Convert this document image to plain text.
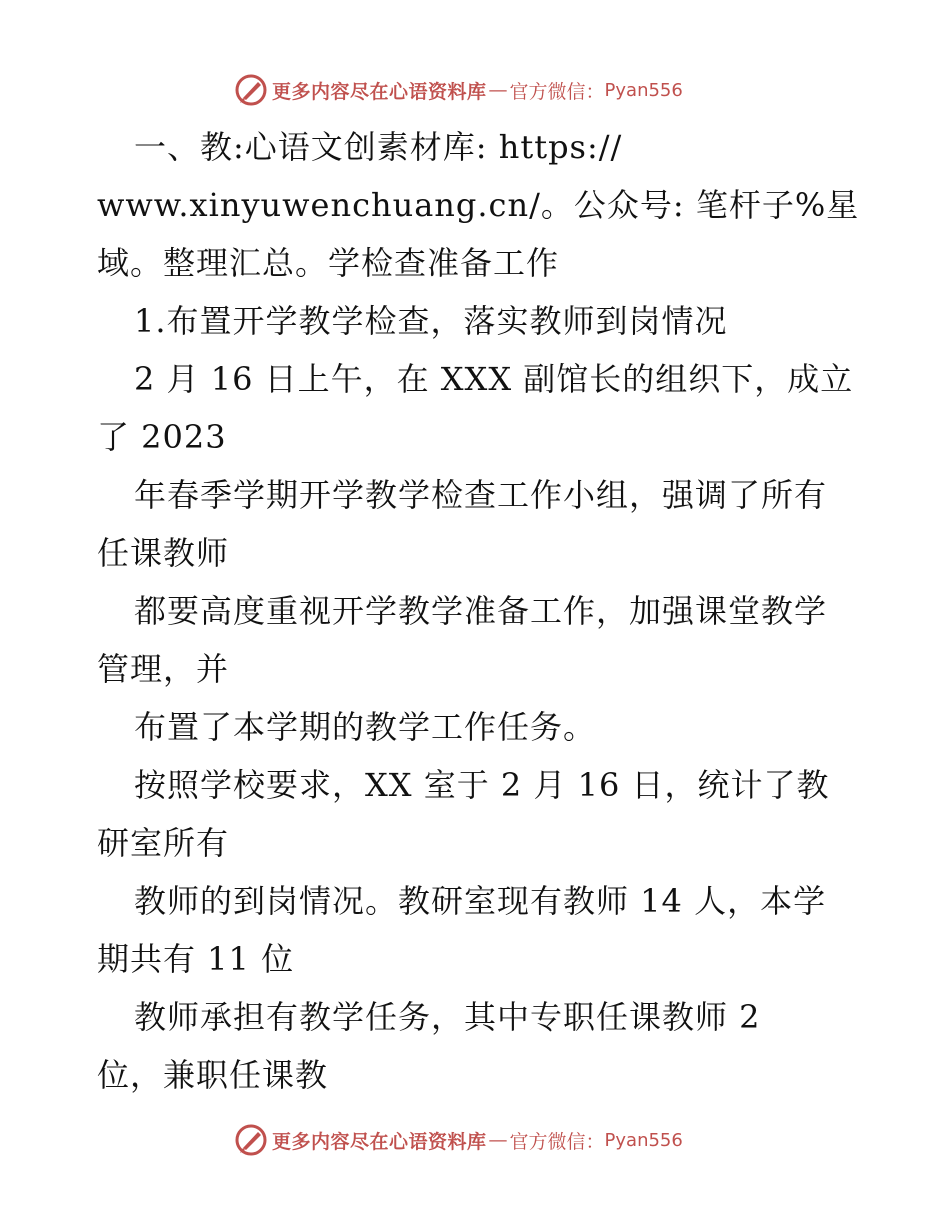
更多内容尽在心语资料库 — 官方微信： Pyan556
一、教:心语文创素材库: https://
www.xinyuwenchuang.cn/。公众号: 笔杆子%星
域。整理汇总。学检查准备工作
1.布置开学教学检查，落实教师到岗情况
2 月 16 日上午，在 XXX 副馆长的组织下，成立
了 2023
年春季学期开学教学检查工作小组，强调了所有
任课教师
都要高度重视开学教学准备工作，加强课堂教学
管理，并
布置了本学期的教学工作任务。
按照学校要求，XX 室于 2 月 16 日，统计了教
研室所有
教师的到岗情况。教研室现有教师 14 人，本学
期共有 11 位
教师承担有教学任务，其中专职任课教师 2
位，兼职任课教
更多内容尽在心语资料库 — 官方微信： Pyan556
